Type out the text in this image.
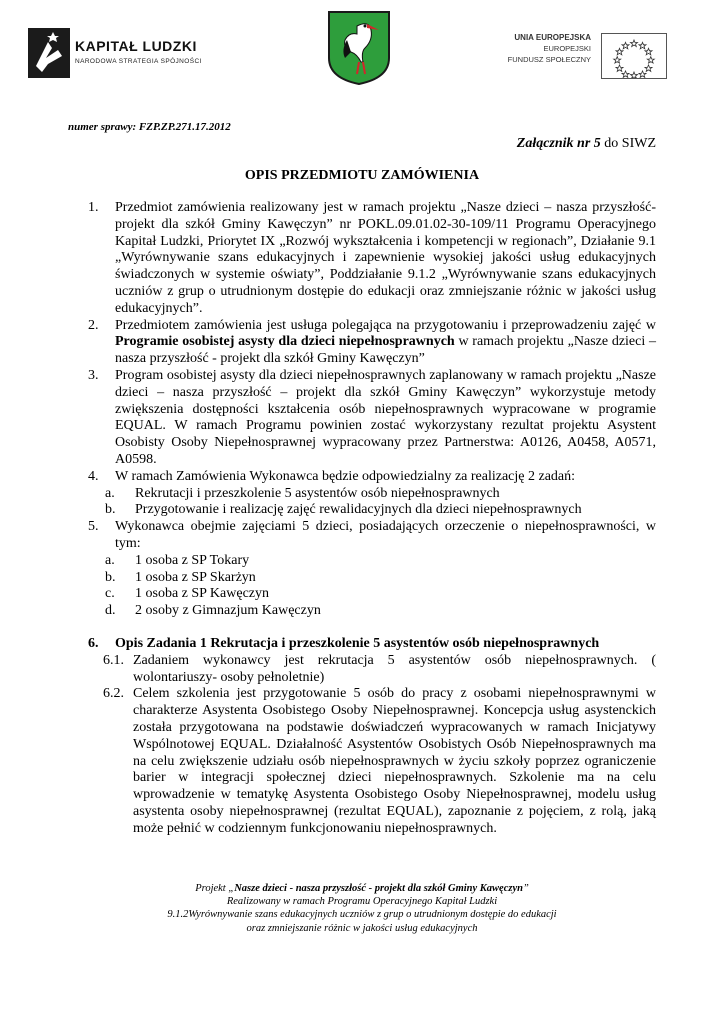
KAPITAŁ LUDZKI
NARODOWA STRATEGIA SPÓJNOŚCI
UNIA EUROPEJSKA
EUROPEJSKI
FUNDUSZ SPOŁECZNY
numer sprawy: FZP.ZP.271.17.2012
Załącznik nr 5 do SIWZ
OPIS PRZEDMIOTU ZAMÓWIENIA
1. Przedmiot zamówienia realizowany jest w ramach projektu „Nasze dzieci – nasza przyszłość- projekt dla szkół Gminy Kawęczyn” nr POKL.09.01.02-30-109/11 Programu Operacyjnego Kapitał Ludzki, Priorytet IX „Rozwój wykształcenia i kompetencji w regionach”, Działanie 9.1 „Wyrównywanie szans edukacyjnych i zapewnienie wysokiej jakości usług edukacyjnych świadczonych w systemie oświaty”, Poddziałanie 9.1.2 „Wyrównywanie szans edukacyjnych uczniów z grup o utrudnionym dostępie do edukacji oraz zmniejszanie różnic w jakości usług edukacyjnych”.
2. Przedmiotem zamówienia jest usługa polegająca na przygotowaniu i przeprowadzeniu zajęć w Programie osobistej asysty dla dzieci niepełnosprawnych w ramach projektu „Nasze dzieci – nasza przyszłość - projekt dla szkół Gminy Kawęczyn”
3. Program osobistej asysty dla dzieci niepełnosprawnych zaplanowany w ramach projektu „Nasze dzieci – nasza przyszłość – projekt dla szkół Gminy Kawęczyn” wykorzystuje metody zwiększenia dostępności kształcenia osób niepełnosprawnych wypracowane w programie EQUAL. W ramach Programu powinien zostać wykorzystany rezultat projektu Asystent Osobisty Osoby Niepełnosprawnej wypracowany przez Partnerstwa: A0126, A0458, A0571, A0598.
4. W ramach Zamówienia Wykonawca będzie odpowiedzialny za realizację 2 zadań:
a. Rekrutacji i przeszkolenie 5 asystentów osób niepełnosprawnych
b. Przygotowanie i realizację zajęć rewalidacyjnych dla dzieci niepełnosprawnych
5. Wykonawca obejmie zajęciami 5 dzieci, posiadających orzeczenie o niepełnosprawności, w tym:
a. 1 osoba z SP Tokary
b. 1 osoba z SP Skarżyn
c. 1 osoba z SP Kawęczyn
d. 2 osoby z Gimnazjum Kawęczyn
6. Opis Zadania 1 Rekrutacja i przeszkolenie 5 asystentów osób niepełnosprawnych
6.1. Zadaniem wykonawcy jest rekrutacja 5 asystentów osób niepełnosprawnych. ( wolontariuszy- osoby pełnoletnie)
6.2. Celem szkolenia jest przygotowanie 5 osób do pracy z osobami niepełnosprawnymi w charakterze Asystenta Osobistego Osoby Niepełnosprawnej. Koncepcja usług asystenckich została przygotowana na podstawie doświadczeń wypracowanych w ramach Inicjatywy Wspólnotowej EQUAL. Działalność Asystentów Osobistych Osób Niepełnosprawnych ma na celu zwiększenie udziału osób niepełnosprawnych w życiu szkoły poprzez ograniczenie barier w integracji społecznej dzieci niepełnosprawnych. Szkolenie ma na celu wprowadzenie w tematykę Asystenta Osobistego Osoby Niepełnosprawnej, modelu usług asystenta osoby niepełnosprawnej (rezultat EQUAL), zapoznanie z pojęciem, z rolą, jaką może pełnić w codziennym funkcjonowaniu niepełnosprawnych.
Projekt „Nasze dzieci - nasza przyszłość - projekt dla szkół Gminy Kawęczyn”
Realizowany w ramach Programu Operacyjnego Kapitał Ludzki
9.1.2Wyrównywanie szans edukacyjnych uczniów z grup o utrudnionym dostępie do edukacji
oraz zmniejszanie różnic w jakości usług edukacyjnych
